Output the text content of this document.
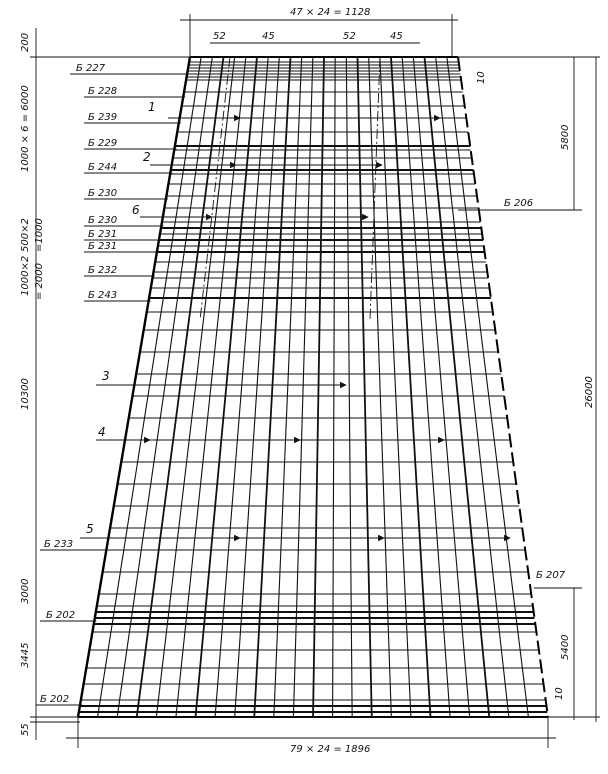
47 × 24 = 1128
52	45	52	45
79 × 24 = 1896
Б 227
Б 228
Б 239
Б 229
Б 244
Б 230
Б 230
Б 231
Б 231
Б 232
Б 243
Б 233
Б 202
Б 202
Б 206
Б 207
1
2
6
3
4
5
200
1000 × 6 = 6000
500×2 =1000
1000×2 = 2000
10300
3000
3445
55
5800
26000
5400
10
10
